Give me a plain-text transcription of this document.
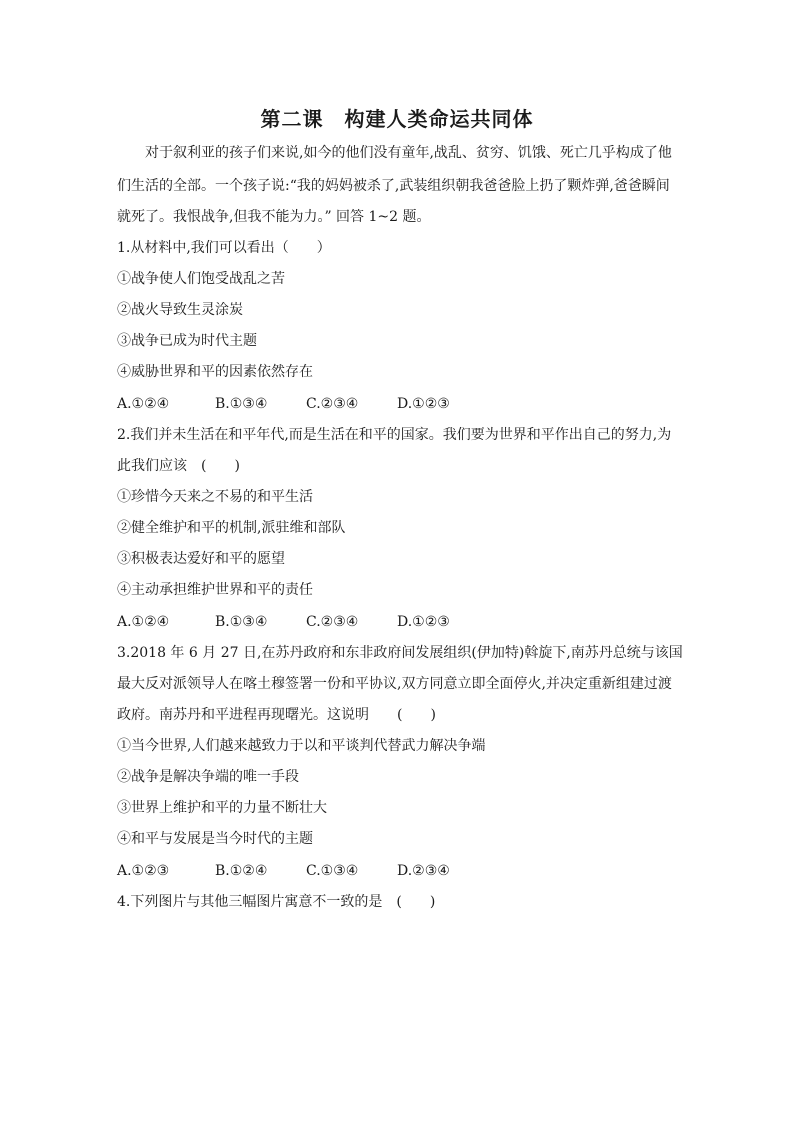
第二课　构建人类命运共同体
对于叙利亚的孩子们来说,如今的他们没有童年,战乱、贫穷、饥饿、死亡几乎构成了他
们生活的全部。一个孩子说:“我的妈妈被杀了,武装组织朝我爸爸脸上扔了颗炸弹,爸爸瞬间
就死了。我恨战争,但我不能为力。” 回答 1~2 题。
1.从材料中,我们可以看出（　　）
①战争使人们饱受战乱之苦
②战火导致生灵涂炭
③战争已成为时代主题
④威胁世界和平的因素依然存在
A.①②④	B.①③④	C.②③④	D.①②③
2.我们并未生活在和平年代,而是生活在和平的国家。我们要为世界和平作出自己的努力,为
此我们应该　(　　)
①珍惜今天来之不易的和平生活
②健全维护和平的机制,派驻维和部队
③积极表达爱好和平的愿望
④主动承担维护世界和平的责任
A.①②④	B.①③④	C.②③④	D.①②③
3.2018 年 6 月 27 日,在苏丹政府和东非政府间发展组织(伊加特)斡旋下,南苏丹总统与该国
最大反对派领导人在喀土穆签署一份和平协议,双方同意立即全面停火,并决定重新组建过渡
政府。南苏丹和平进程再现曙光。这说明　　(　　)
①当今世界,人们越来越致力于以和平谈判代替武力解决争端
②战争是解决争端的唯一手段
③世界上维护和平的力量不断壮大
④和平与发展是当今时代的主题
A.①②③	B.①②④	C.①③④	D.②③④
4.下列图片与其他三幅图片寓意不一致的是　(　　)
